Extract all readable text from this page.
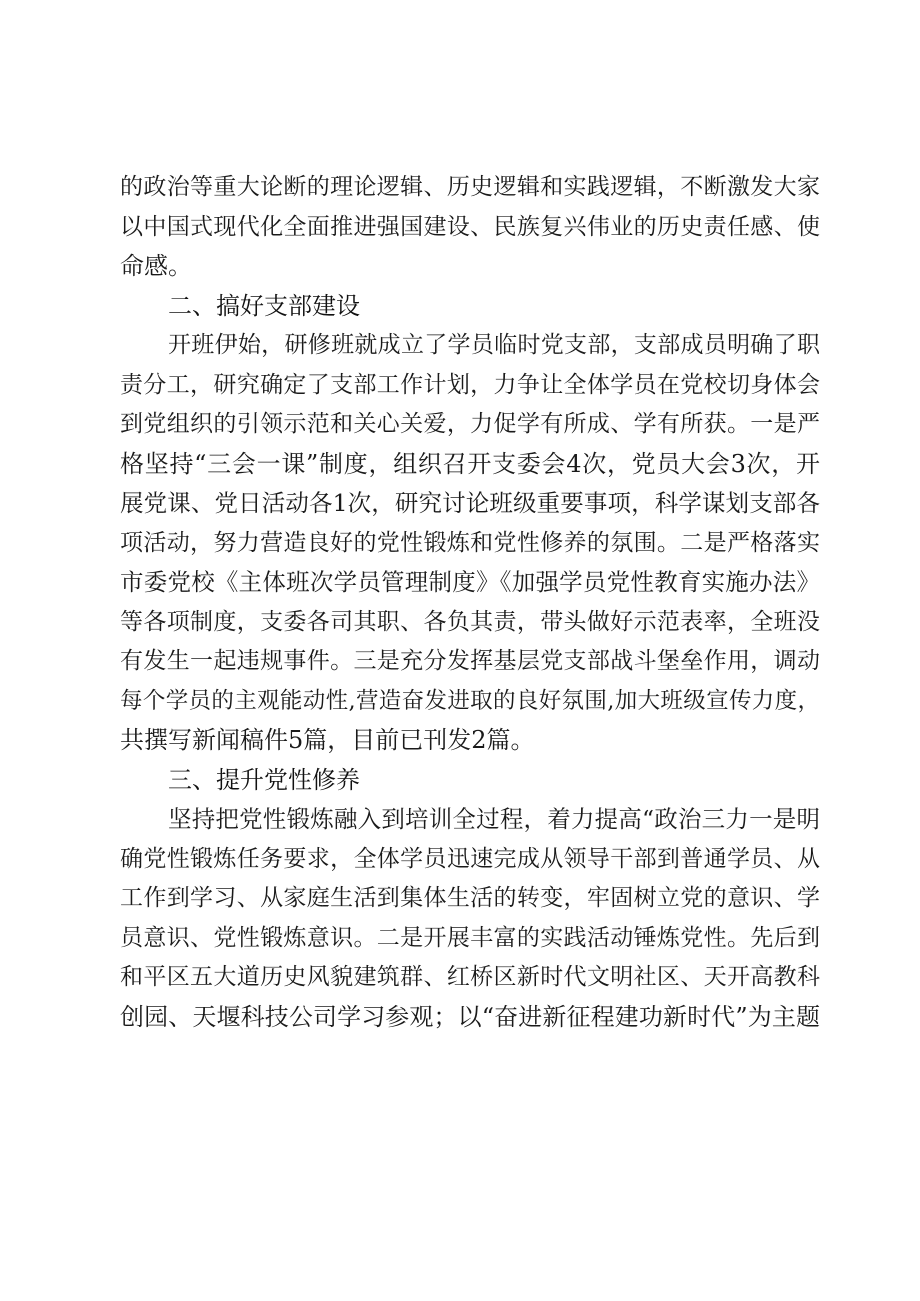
的政治等重大论断的理论逻辑、历史逻辑和实践逻辑，不断激发大家
以中国式现代化全面推进强国建设、民族复兴伟业的历史责任感、使
命感。
二、搞好支部建设
开班伊始，研修班就成立了学员临时党支部，支部成员明确了职
责分工，研究确定了支部工作计划，力争让全体学员在党校切身体会
到党组织的引领示范和关心关爱，力促学有所成、学有所获。一是严
格坚持“三会一课”制度，组织召开支委会4次，党员大会3次，开
展党课、党日活动各1次，研究讨论班级重要事项，科学谋划支部各
项活动，努力营造良好的党性锻炼和党性修养的氛围。二是严格落实
市委党校《主体班次学员管理制度》《加强学员党性教育实施办法》
等各项制度，支委各司其职、各负其责，带头做好示范表率，全班没
有发生一起违规事件。三是充分发挥基层党支部战斗堡垒作用，调动
每个学员的主观能动性,营造奋发进取的良好氛围,加大班级宣传力度，
共撰写新闻稿件5篇，目前已刊发2篇。
三、提升党性修养
坚持把党性锻炼融入到培训全过程，着力提高“政治三力一是明
确党性锻炼任务要求，全体学员迅速完成从领导干部到普通学员、从
工作到学习、从家庭生活到集体生活的转变，牢固树立党的意识、学
员意识、党性锻炼意识。二是开展丰富的实践活动锤炼党性。先后到
和平区五大道历史风貌建筑群、红桥区新时代文明社区、天开高教科
创园、天堰科技公司学习参观；以“奋进新征程建功新时代”为主题
